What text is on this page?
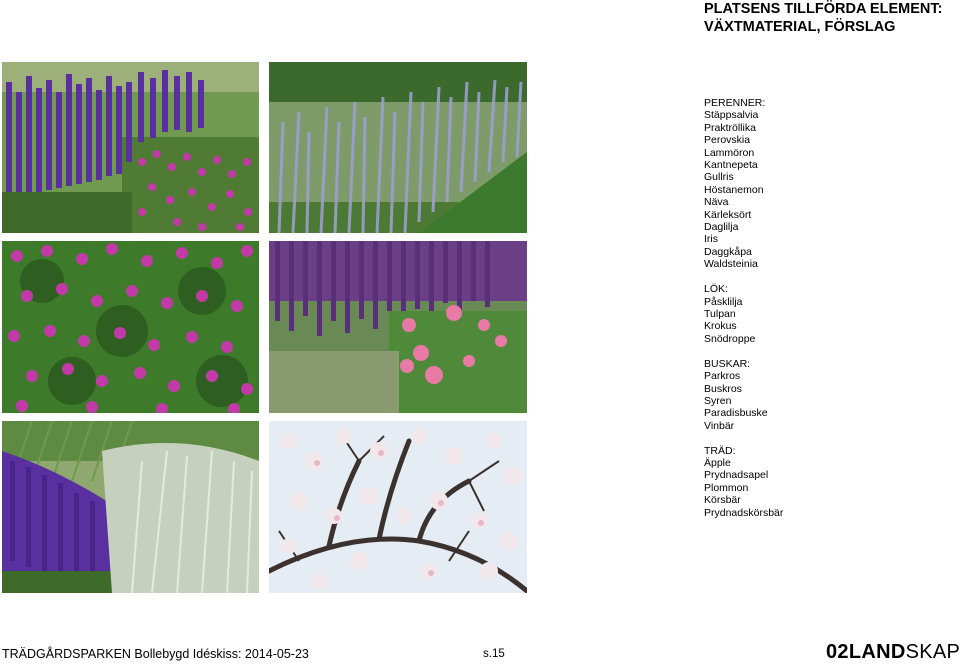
PLATSENS TILLFÖRDA ELEMENT:
VÄXTMATERIAL, FÖRSLAG
PERENNER:
Stäppsalvia
Praktröllika
Perovskia
Lammöron
Kantnepeta
Gullris
Höstanemon
Näva
Kärleksört
Daglilja
Iris
Daggkåpa
Waldsteinia
LÖK:
Påsklilja
Tulpan
Krokus
Snödroppe
BUSKAR:
Parkros
Buskros
Syren
Paradisbuske
Vinbär
TRÄD:
Äpple
Prydnadsapel
Plommon
Körsbär
Prydnadskörsbär
TRÄDGÅRDSPARKEN Bollebygd Idéskiss: 2014-05-23	s.15	02LANDSKAP
